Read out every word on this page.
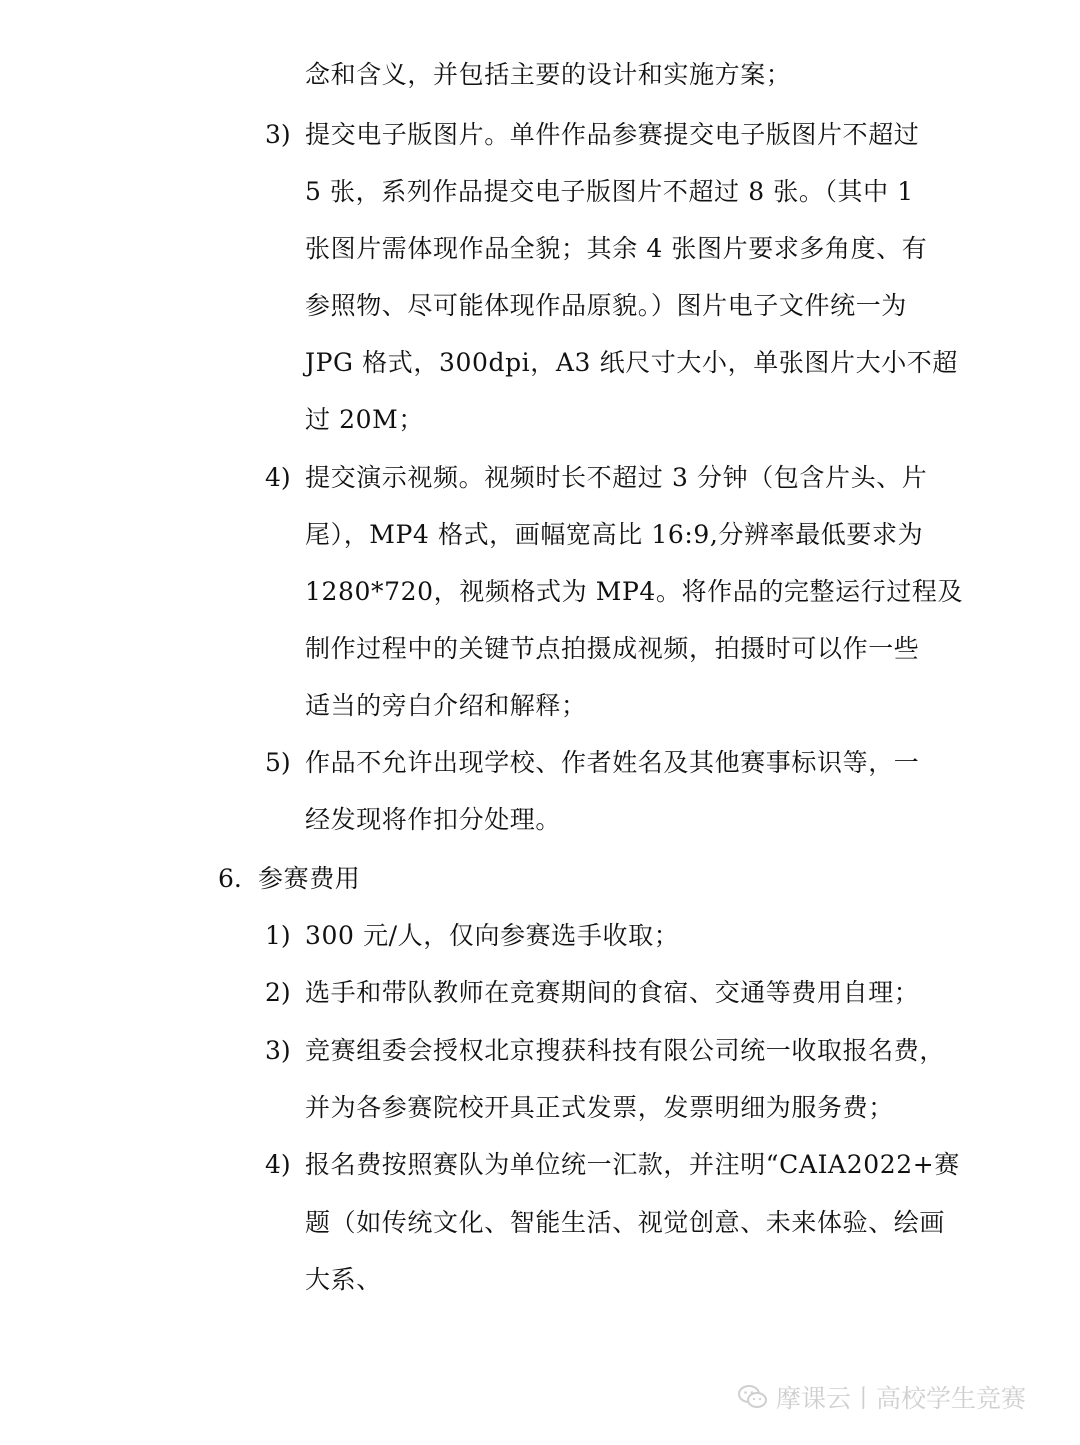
念和含义，并包括主要的设计和实施方案；
3) 提交电子版图片。单件作品参赛提交电子版图片不超过
5 张，系列作品提交电子版图片不超过 8 张。（其中 1
张图片需体现作品全貌；其余 4 张图片要求多角度、有
参照物、尽可能体现作品原貌。）图片电子文件统一为
JPG 格式，300dpi，A3 纸尺寸大小，单张图片大小不超
过 20M；
4) 提交演示视频。视频时长不超过 3 分钟（包含片头、片
尾），MP4 格式，画幅宽高比 16:9,分辨率最低要求为
1280*720，视频格式为 MP4。将作品的完整运行过程及
制作过程中的关键节点拍摄成视频，拍摄时可以作一些
适当的旁白介绍和解释；
5) 作品不允许出现学校、作者姓名及其他赛事标识等，一
经发现将作扣分处理。
6. 参赛费用
1) 300 元/人，仅向参赛选手收取；
2) 选手和带队教师在竞赛期间的食宿、交通等费用自理；
3) 竞赛组委会授权北京搜获科技有限公司统一收取报名费，
并为各参赛院校开具正式发票，发票明细为服务费；
4) 报名费按照赛队为单位统一汇款，并注明“CAIA2022+赛
题（如传统文化、智能生活、视觉创意、未来体验、绘画
大系、
摩课云丨高校学生竞赛
